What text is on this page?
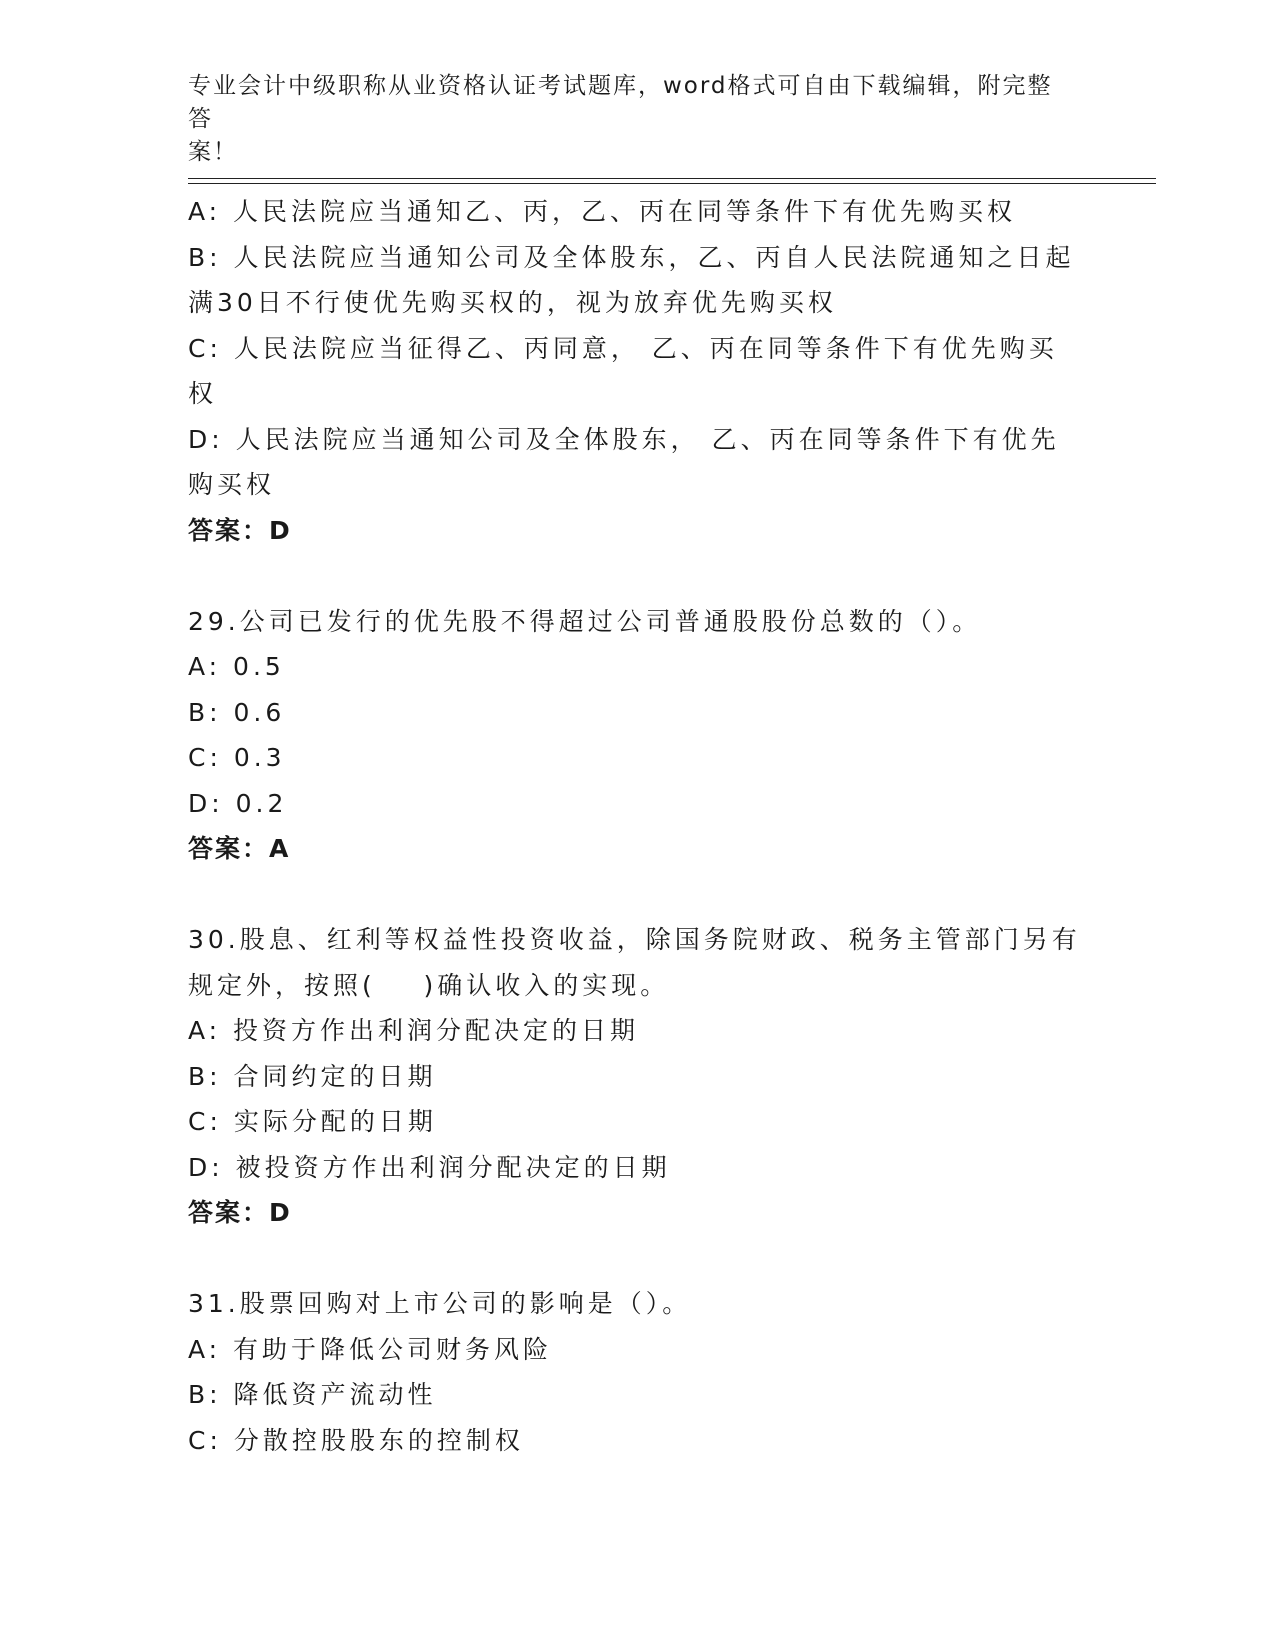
专业会计中级职称从业资格认证考试题库，word格式可自由下载编辑，附完整答
案！
A: 人民法院应当通知乙、丙，乙、丙在同等条件下有优先购买权
B: 人民法院应当通知公司及全体股东，乙、丙自人民法院通知之日起
满30日不行使优先购买权的，视为放弃优先购买权
C: 人民法院应当征得乙、丙同意， 乙、丙在同等条件下有优先购买
权
D: 人民法院应当通知公司及全体股东， 乙、丙在同等条件下有优先
购买权
答案：D
29.公司已发行的优先股不得超过公司普通股股份总数的（）。
A: 0.5
B: 0.6
C: 0.3
D: 0.2
答案：A
30.股息、红利等权益性投资收益，除国务院财政、税务主管部门另有
规定外，按照(    )确认收入的实现。
A: 投资方作出利润分配决定的日期
B: 合同约定的日期
C: 实际分配的日期
D: 被投资方作出利润分配决定的日期
答案：D
31.股票回购对上市公司的影响是（）。
A: 有助于降低公司财务风险
B: 降低资产流动性
C: 分散控股股东的控制权
